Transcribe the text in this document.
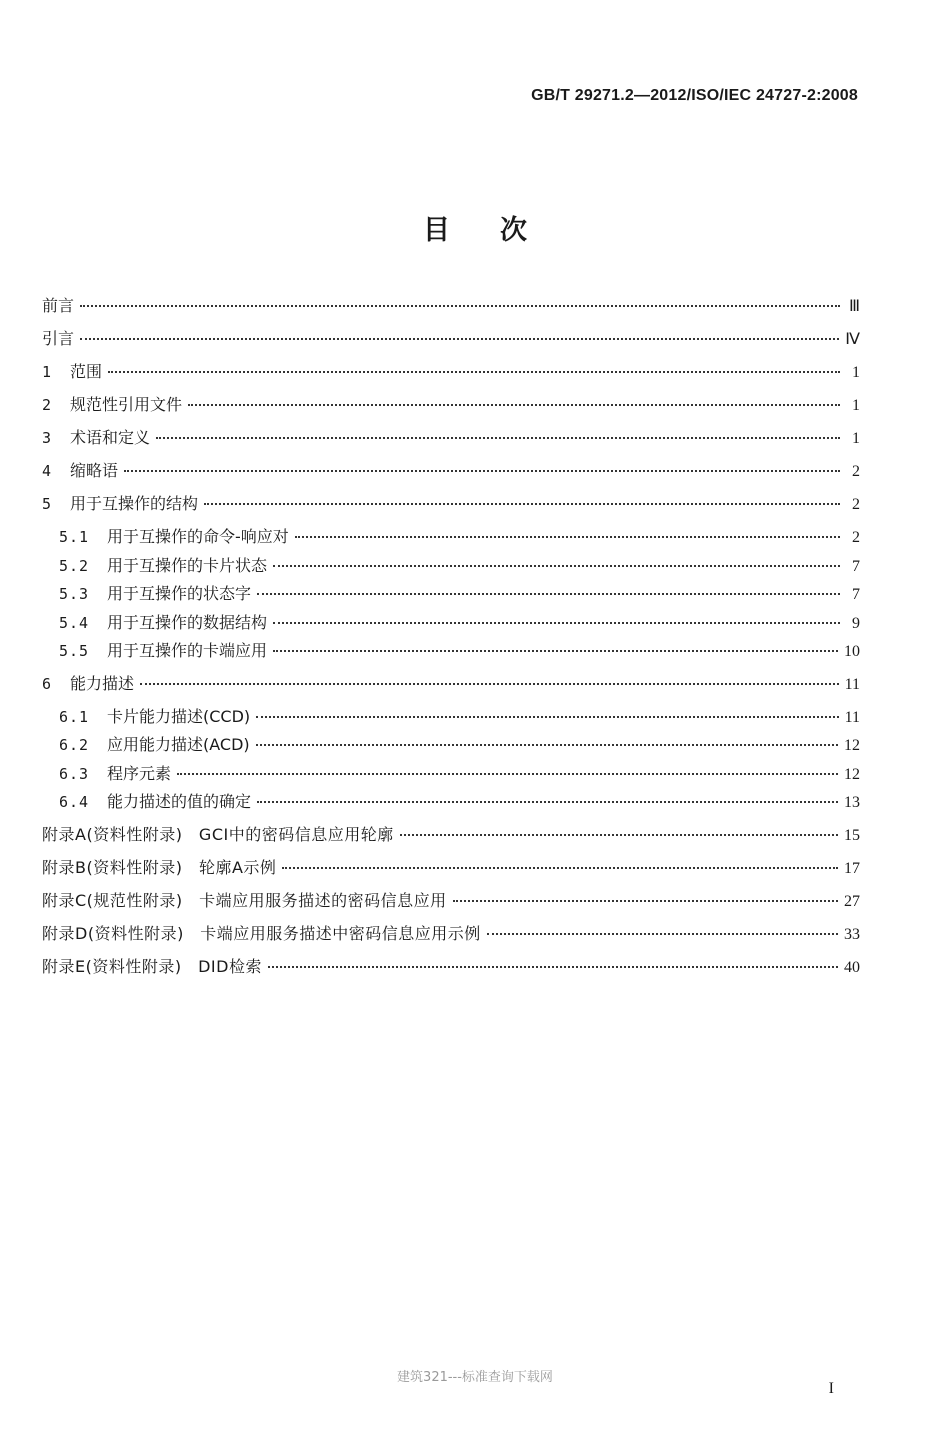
GB/T 29271.2—2012/ISO/IEC 24727-2:2008
目次
前言	Ⅲ
引言	Ⅳ
1	范围	1
2	规范性引用文件	1
3	术语和定义	1
4	缩略语	2
5	用于互操作的结构	2
5.1	用于互操作的命令-响应对	2
5.2	用于互操作的卡片状态	7
5.3	用于互操作的状态字	7
5.4	用于互操作的数据结构	9
5.5	用于互操作的卡端应用	10
6	能力描述	11
6.1	卡片能力描述(CCD)	11
6.2	应用能力描述(ACD)	12
6.3	程序元素	12
6.4	能力描述的值的确定	13
附录A(资料性附录)　GCI中的密码信息应用轮廓	15
附录B(资料性附录)　轮廓A示例	17
附录C(规范性附录)　卡端应用服务描述的密码信息应用	27
附录D(资料性附录)　卡端应用服务描述中密码信息应用示例	33
附录E(资料性附录)　DID检索	40
建筑321---标准查询下载网
I
